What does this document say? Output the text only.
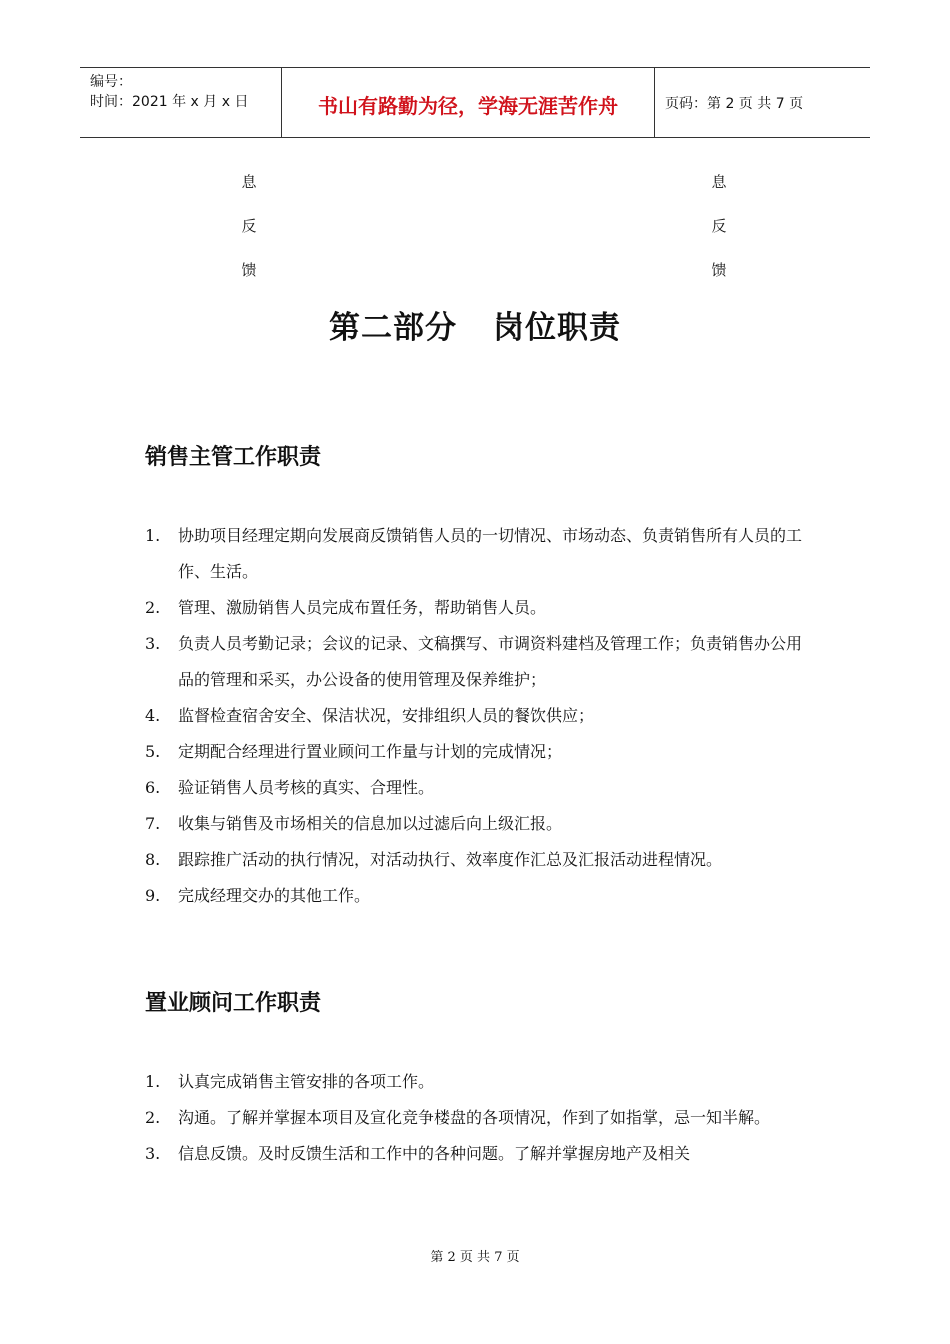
编号：
时间：2021 年 x 月 x 日	书山有路勤为径，学海无涯苦作舟	页码：第 2 页 共 7 页
息
反
馈
息
反
馈
第二部分 岗位职责
销售主管工作职责
1. 协助项目经理定期向发展商反馈销售人员的一切情况、市场动态、负责销售所有人员的工作、生活。
2. 管理、激励销售人员完成布置任务，帮助销售人员。
3. 负责人员考勤记录；会议的记录、文稿撰写、市调资料建档及管理工作；负责销售办公用品的管理和采买，办公设备的使用管理及保养维护；
4. 监督检查宿舍安全、保洁状况，安排组织人员的餐饮供应；
5. 定期配合经理进行置业顾问工作量与计划的完成情况；
6. 验证销售人员考核的真实、合理性。
7. 收集与销售及市场相关的信息加以过滤后向上级汇报。
8. 跟踪推广活动的执行情况，对活动执行、效率度作汇总及汇报活动进程情况。
9. 完成经理交办的其他工作。
置业顾问工作职责
1. 认真完成销售主管安排的各项工作。
2. 沟通。了解并掌握本项目及宣化竞争楼盘的各项情况，作到了如指掌，忌一知半解。
3. 信息反馈。及时反馈生活和工作中的各种问题。了解并掌握房地产及相关
第 2 页 共 7 页
